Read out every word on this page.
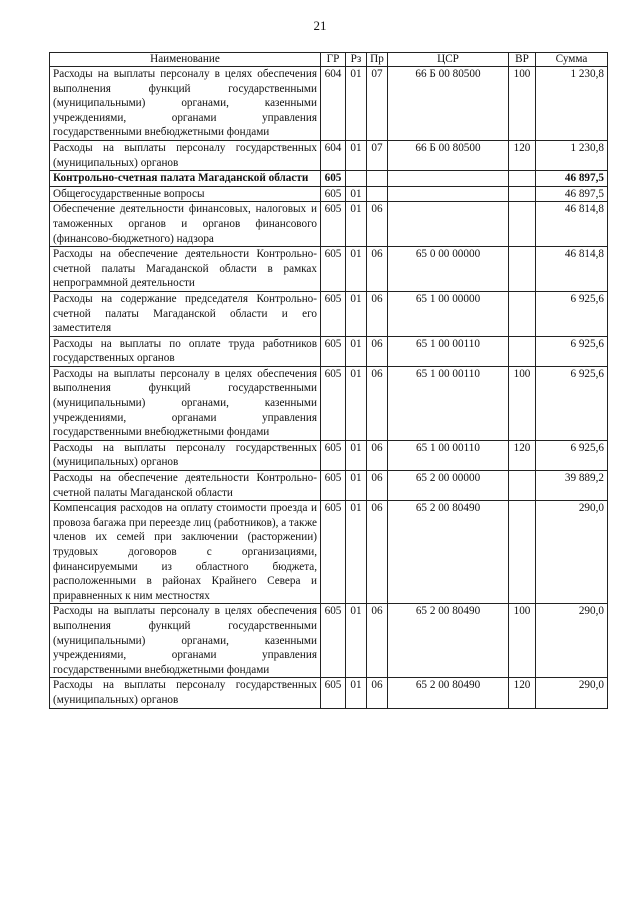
21
Наименование	ГР	Рз	Пр	ЦСР	ВР	Сумма
Расходы на выплаты персоналу в целях обеспечения выполнения функций государственными (муниципальными) органами, казенными учреждениями, органами управления государственными внебюджетными фондами	604	01	07	66 Б 00 80500	100	1 230,8
Расходы на выплаты персоналу государственных (муниципальных) органов	604	01	07	66 Б 00 80500	120	1 230,8
Контрольно-счетная палата Магаданской области	605					46 897,5
Общегосударственные вопросы	605	01				46 897,5
Обеспечение деятельности финансовых, налоговых и таможенных органов и органов финансового (финансово-бюджетного) надзора	605	01	06			46 814,8
Расходы на обеспечение деятельности Контрольно-счетной палаты Магаданской области в рамках непрограммной деятельности	605	01	06	65 0 00 00000		46 814,8
Расходы на содержание председателя Контрольно-счетной палаты Магаданской области и его заместителя	605	01	06	65 1 00 00000		6 925,6
Расходы на выплаты по оплате труда работников государственных органов	605	01	06	65 1 00 00110		6 925,6
Расходы на выплаты персоналу в целях обеспечения выполнения функций государственными (муниципальными) органами, казенными учреждениями, органами управления государственными внебюджетными фондами	605	01	06	65 1 00 00110	100	6 925,6
Расходы на выплаты персоналу государственных (муниципальных) органов	605	01	06	65 1 00 00110	120	6 925,6
Расходы на обеспечение деятельности Контрольно-счетной палаты Магаданской области	605	01	06	65 2 00 00000		39 889,2
Компенсация расходов на оплату стоимости проезда и провоза багажа при переезде лиц (работников), а также членов их семей при заключении (расторжении) трудовых договоров с организациями, финансируемыми из областного бюджета, расположенными в районах Крайнего Севера и приравненных к ним местностях	605	01	06	65 2 00 80490		290,0
Расходы на выплаты персоналу в целях обеспечения выполнения функций государственными (муниципальными) органами, казенными учреждениями, органами управления государственными внебюджетными фондами	605	01	06	65 2 00 80490	100	290,0
Расходы на выплаты персоналу государственных (муниципальных) органов	605	01	06	65 2 00 80490	120	290,0
